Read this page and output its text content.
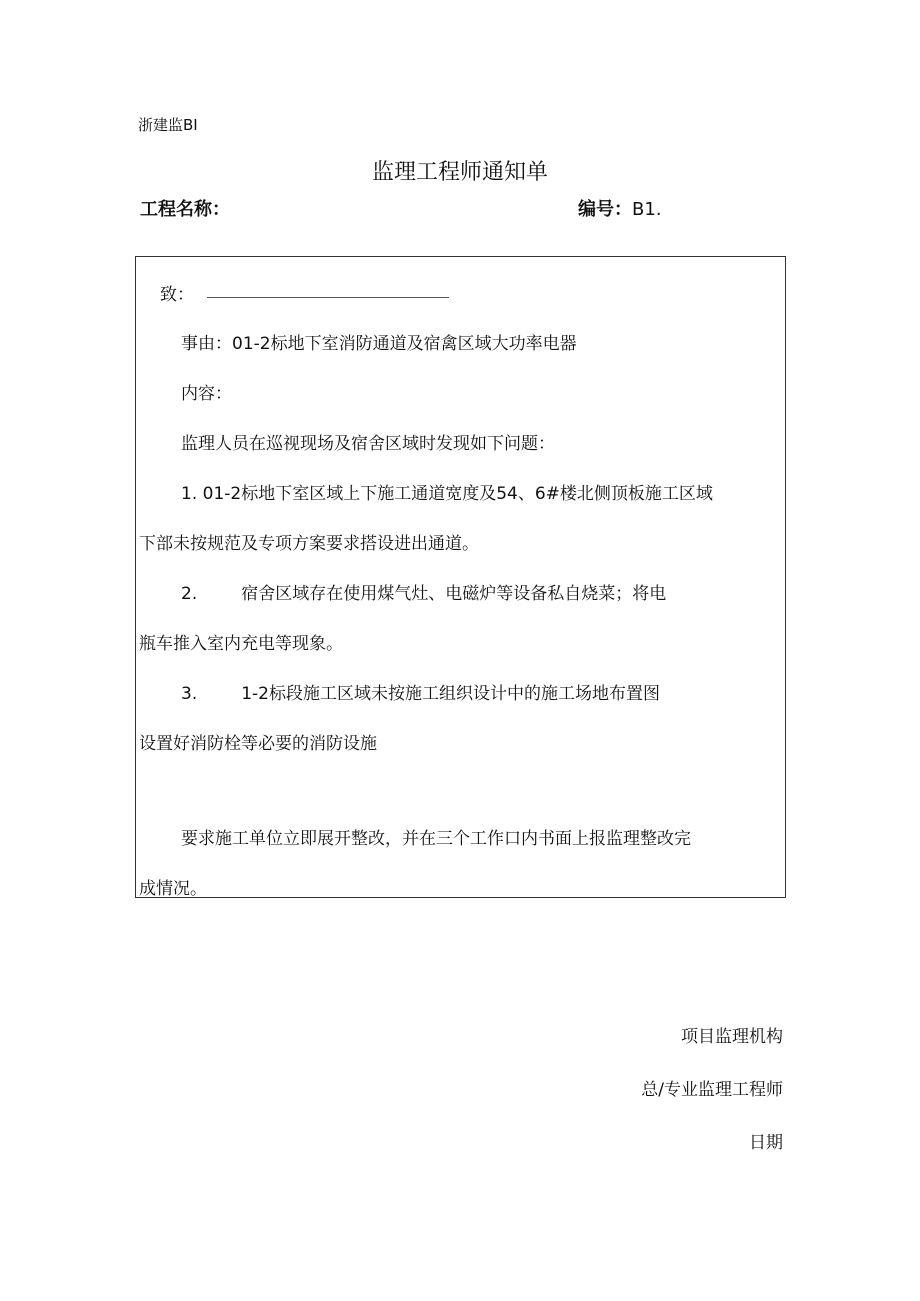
浙建监BI
监理工程师通知单
工程名称：	编号：B1.
致：
事由：01-2标地下室消防通道及宿禽区域大功率电器
内容：
监理人员在巡视现场及宿舍区域时发现如下问题：
1. 01-2标地下室区域上下施工通道宽度及54、6#楼北侧顶板施工区域
下部未按规范及专项方案要求搭设进出通道。
2.	宿舍区域存在使用煤气灶、电磁炉等设备私自烧菜；将电
瓶车推入室内充电等现象。
3.	1-2标段施工区域未按施工组织设计中的施工场地布置图
设置好消防栓等必要的消防设施
要求施工单位立即展开整改，并在三个工作口内书面上报监理整改完
成情况。
项目监理机构
总/专业监理工程师
日期
